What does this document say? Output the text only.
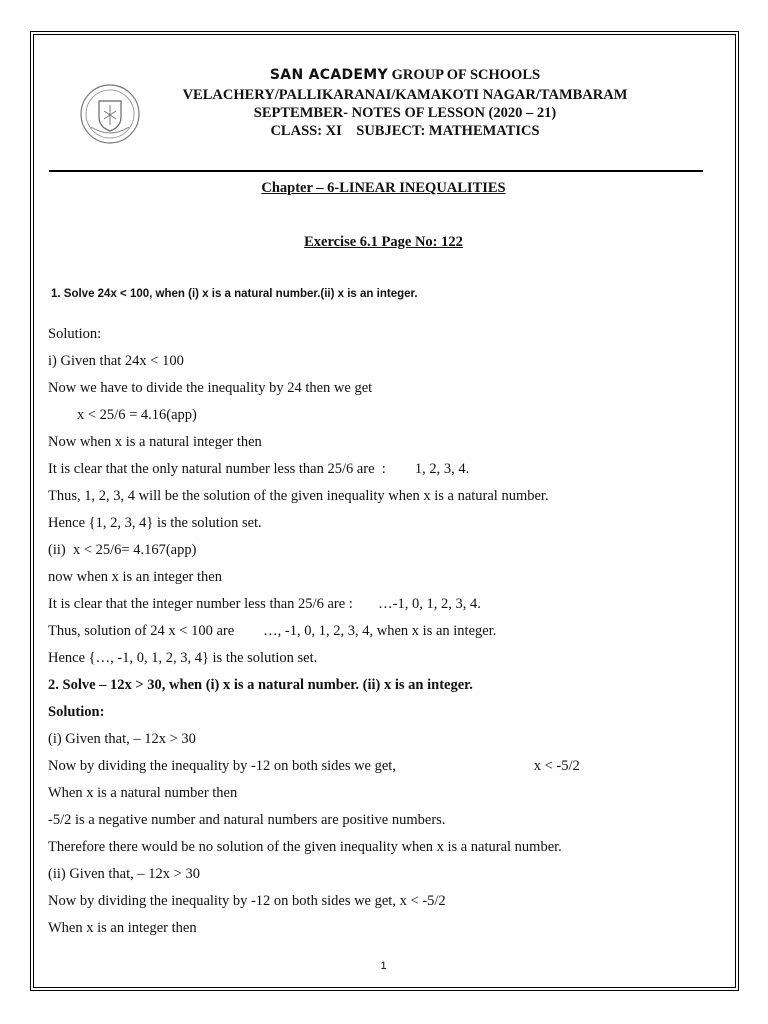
SAN ACADEMY GROUP OF SCHOOLS
VELACHERY/PALLIKARANAI/KAMAKOTI NAGAR/TAMBARAM
SEPTEMBER- NOTES OF LESSON (2020 – 21)
CLASS: XI    SUBJECT: MATHEMATICS
Chapter – 6-LINEAR INEQUALITIES
Exercise 6.1 Page No: 122
1. Solve 24x < 100, when (i) x is a natural number.(ii) x is an integer.
Solution:
i) Given that 24x < 100
Now we have to divide the inequality by 24 then we get
x < 25/6 = 4.16(app)
Now when x is a natural integer then
It is clear that the only natural number less than 25/6 are  :        1, 2, 3, 4.
Thus, 1, 2, 3, 4 will be the solution of the given inequality when x is a natural number.
Hence {1, 2, 3, 4} is the solution set.
(ii)  x < 25/6= 4.167(app)
now when x is an integer then
It is clear that the integer number less than 25/6 are :       …-1, 0, 1, 2, 3, 4.
Thus, solution of 24 x < 100 are        …, -1, 0, 1, 2, 3, 4, when x is an integer.
Hence {…, -1, 0, 1, 2, 3, 4} is the solution set.
2. Solve – 12x > 30, when (i) x is a natural number. (ii) x is an integer.
Solution:
(i) Given that, – 12x > 30
Now by dividing the inequality by -12 on both sides we get,                                      x < -5/2
When x is a natural number then
-5/2 is a negative number and natural numbers are positive numbers.
Therefore there would be no solution of the given inequality when x is a natural number.
(ii) Given that, – 12x > 30
Now by dividing the inequality by -12 on both sides we get, x < -5/2
When x is an integer then
1
